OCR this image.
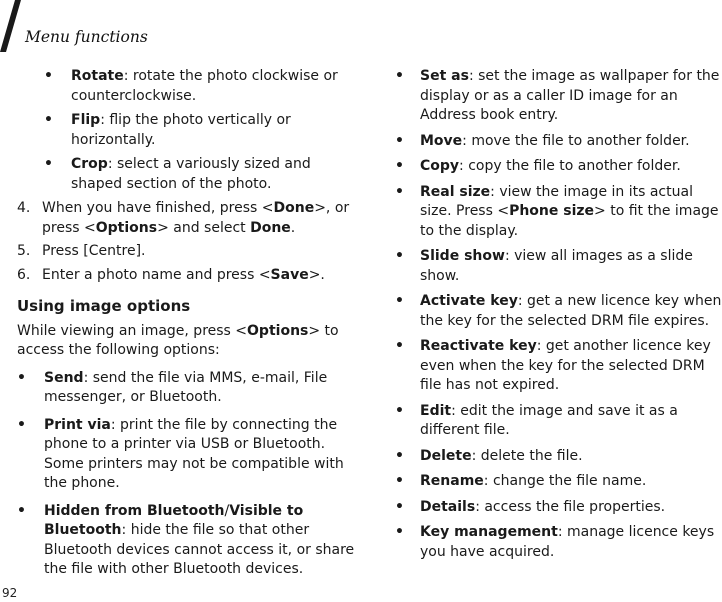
Menu functions
• Rotate: rotate the photo clockwise or counterclockwise.
• Flip: flip the photo vertically or horizontally.
• Crop: select a variously sized and shaped section of the photo.
4. When you have finished, press <Done>, or press <Options> and select Done.
5. Press [Centre].
6. Enter a photo name and press <Save>.
Using image options
While viewing an image, press <Options> to access the following options:
• Send: send the file via MMS, e-mail, File messenger, or Bluetooth.
• Print via: print the file by connecting the phone to a printer via USB or Bluetooth. Some printers may not be compatible with the phone.
• Hidden from Bluetooth/Visible to Bluetooth: hide the file so that other Bluetooth devices cannot access it, or share the file with other Bluetooth devices.
• Set as: set the image as wallpaper for the display or as a caller ID image for an Address book entry.
• Move: move the file to another folder.
• Copy: copy the file to another folder.
• Real size: view the image in its actual size. Press <Phone size> to fit the image to the display.
• Slide show: view all images as a slide show.
• Activate key: get a new licence key when the key for the selected DRM file expires.
• Reactivate key: get another licence key even when the key for the selected DRM file has not expired.
• Edit: edit the image and save it as a different file.
• Delete: delete the file.
• Rename: change the file name.
• Details: access the file properties.
• Key management: manage licence keys you have acquired.
92
